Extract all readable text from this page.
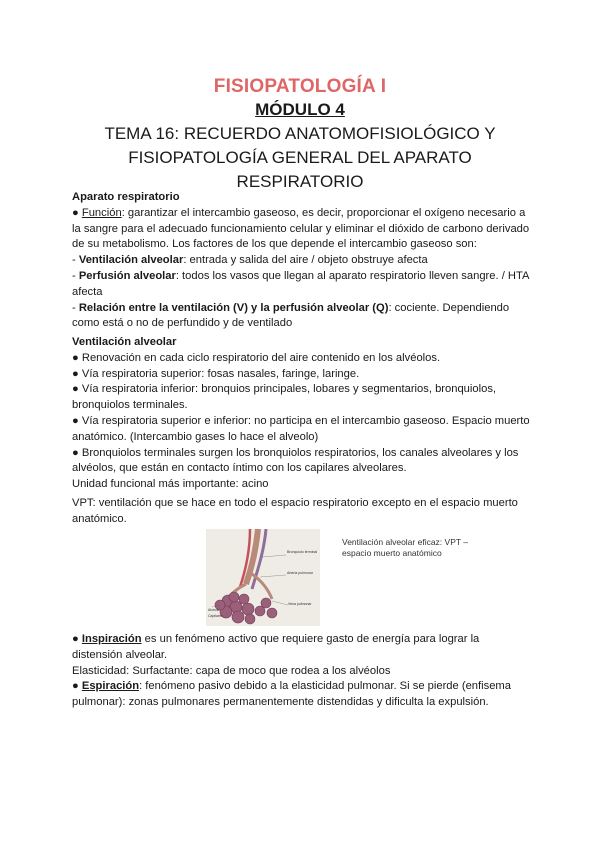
FISIOPATOLOGÍA I
MÓDULO 4
TEMA 16: RECUERDO ANATOMOFISIOLÓGICO Y FISIOPATOLOGÍA GENERAL DEL APARATO RESPIRATORIO
Aparato respiratorio
● Función: garantizar el intercambio gaseoso, es decir, proporcionar el oxígeno necesario a
la sangre para el adecuado funcionamiento celular y eliminar el dióxido de carbono derivado
de su metabolismo. Los factores de los que depende el intercambio gaseoso son:
- Ventilación alveolar: entrada y salida del aire / objeto obstruye afecta
- Perfusión alveolar: todos los vasos que llegan al aparato respiratorio lleven sangre. / HTA
afecta
- Relación entre la ventilación (V) y la perfusión alveolar (Q): cociente. Dependiendo
como está o no de perfundido y de ventilado
Ventilación alveolar
● Renovación en cada ciclo respiratorio del aire contenido en los alvéolos.
● Vía respiratoria superior: fosas nasales, faringe, laringe.
● Vía respiratoria inferior: bronquios principales, lobares y segmentarios, bronquiolos,
bronquiolos terminales.
● Vía respiratoria superior e inferior: no participa en el intercambio gaseoso. Espacio muerto
anatómico. (Intercambio gases lo hace el alveolo)
● Bronquiolos terminales surgen los bronquiolos respiratorios, los canales alveolares y los
alvéolos, que están en contacto íntimo con los capilares alveolares.
Unidad funcional más importante: acino
VPT: ventilación que se hace en todo el espacio respiratorio excepto en el espacio muerto
anatómico.
Bronquiolo terminal
Arteria pulmonar
Vena pulmonar
Alvéolo
Capilares
Ventilación alveolar eficaz: VPT –
espacio muerto anatómico
● Inspiración es un fenómeno activo que requiere gasto de energía para lograr la
distensión alveolar.
Elasticidad: Surfactante: capa de moco que rodea a los alvéolos
● Espiración: fenómeno pasivo debido a la elasticidad pulmonar. Si se pierde (enfisema
pulmonar): zonas pulmonares permanentemente distendidas y dificulta la expulsión.
